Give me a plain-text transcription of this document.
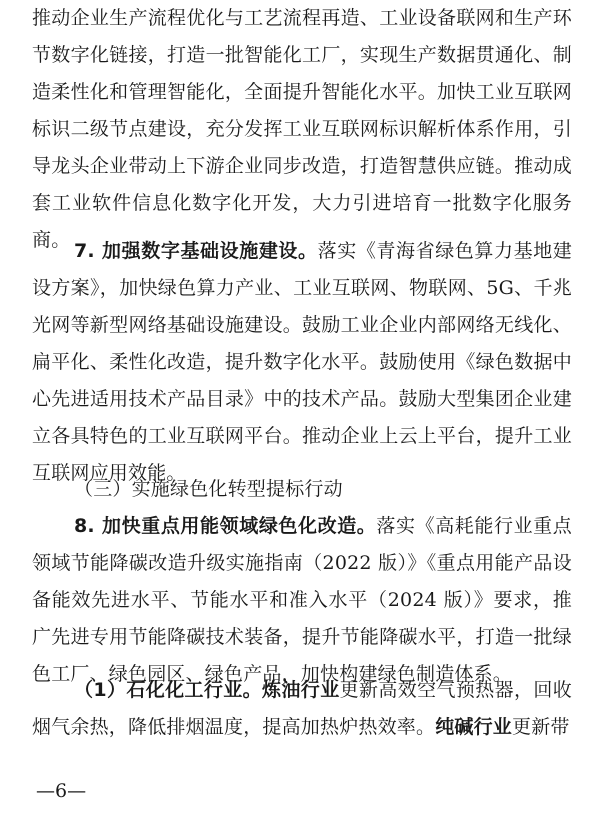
推动企业生产流程优化与工艺流程再造、工业设备联网和生产环节数字化链接，打造一批智能化工厂，实现生产数据贯通化、制造柔性化和管理智能化，全面提升智能化水平。加快工业互联网标识二级节点建设，充分发挥工业互联网标识解析体系作用，引导龙头企业带动上下游企业同步改造，打造智慧供应链。推动成套工业软件信息化数字化开发，大力引进培育一批数字化服务商。 7. 加强数字基础设施建设。落实《青海省绿色算力基地建设方案》，加快绿色算力产业、工业互联网、物联网、5G、千兆光网等新型网络基础设施建设。鼓励工业企业内部网络无线化、扁平化、柔性化改造，提升数字化水平。鼓励使用《绿色数据中心先进适用技术产品目录》中的技术产品。鼓励大型集团企业建立各具特色的工业互联网平台。推动企业上云上平台，提升工业互联网应用效能。
（三）实施绿色化转型提标行动
8. 加快重点用能领域绿色化改造。落实《高耗能行业重点领域节能降碳改造升级实施指南（2022 版）》《重点用能产品设备能效先进水平、节能水平和准入水平（2024 版）》要求，推广先进专用节能降碳技术装备，提升节能降碳水平，打造一批绿色工厂、绿色园区、绿色产品，加快构建绿色制造体系。
（1）石化化工行业。炼油行业更新高效空气预热器，回收烟气余热，降低排烟温度，提高加热炉热效率。纯碱行业更新带
—6—
